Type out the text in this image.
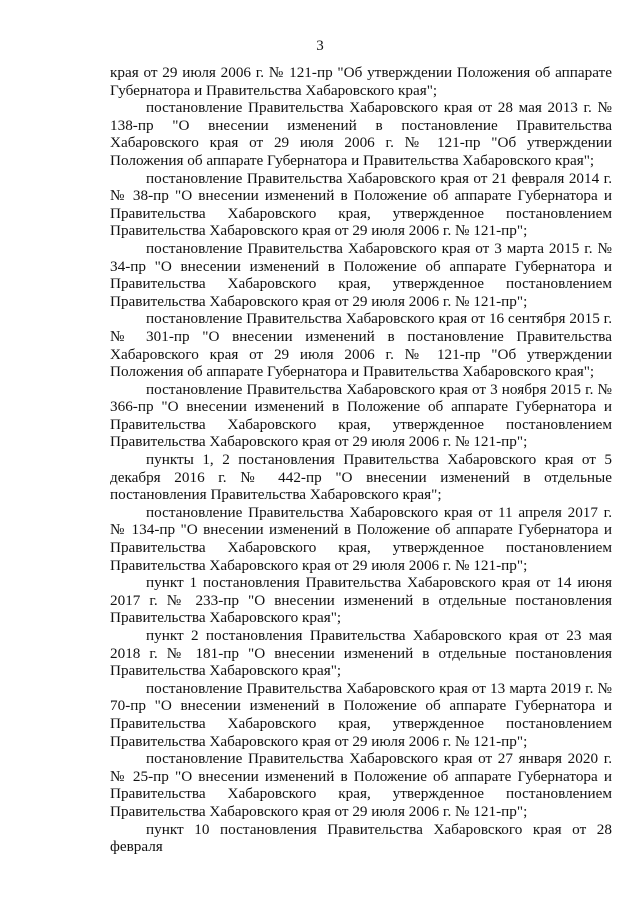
3

края от 29 июля 2006 г. № 121-пр "Об утверждении Положения об аппарате Губернатора и Правительства Хабаровского края";

постановление Правительства Хабаровского края от 28 мая 2013 г. № 138-пр "О внесении изменений в постановление Правительства Хабаровского края от 29 июля 2006 г. № 121-пр "Об утверждении Положения об аппарате Губернатора и Правительства Хабаровского края";

постановление Правительства Хабаровского края от 21 февраля 2014 г. № 38-пр "О внесении изменений в Положение об аппарате Губернатора и Правительства Хабаровского края, утвержденное постановлением Правительства Хабаровского края от 29 июля 2006 г. № 121-пр";

постановление Правительства Хабаровского края от 3 марта 2015 г. № 34-пр "О внесении изменений в Положение об аппарате Губернатора и Правительства Хабаровского края, утвержденное постановлением Правительства Хабаровского края от 29 июля 2006 г. № 121-пр";

постановление Правительства Хабаровского края от 16 сентября 2015 г. № 301-пр "О внесении изменений в постановление Правительства Хабаровского края от 29 июля 2006 г. № 121-пр "Об утверждении Положения об аппарате Губернатора и Правительства Хабаровского края";

постановление Правительства Хабаровского края от 3 ноября 2015 г. № 366-пр "О внесении изменений в Положение об аппарате Губернатора и Правительства Хабаровского края, утвержденное постановлением Правительства Хабаровского края от 29 июля 2006 г. № 121-пр";

пункты 1, 2 постановления Правительства Хабаровского края от 5 декабря 2016 г. № 442-пр "О внесении изменений в отдельные постановления Правительства Хабаровского края";

постановление Правительства Хабаровского края от 11 апреля 2017 г. № 134-пр "О внесении изменений в Положение об аппарате Губернатора и Правительства Хабаровского края, утвержденное постановлением Правительства Хабаровского края от 29 июля 2006 г. № 121-пр";

пункт 1 постановления Правительства Хабаровского края от 14 июня 2017 г. № 233-пр "О внесении изменений в отдельные постановления Правительства Хабаровского края";

пункт 2 постановления Правительства Хабаровского края от 23 мая 2018 г. № 181-пр "О внесении изменений в отдельные постановления Правительства Хабаровского края";

постановление Правительства Хабаровского края от 13 марта 2019 г. № 70-пр "О внесении изменений в Положение об аппарате Губернатора и Правительства Хабаровского края, утвержденное постановлением Правительства Хабаровского края от 29 июля 2006 г. № 121-пр";

постановление Правительства Хабаровского края от 27 января 2020 г. № 25-пр "О внесении изменений в Положение об аппарате Губернатора и Правительства Хабаровского края, утвержденное постановлением Правительства Хабаровского края от 29 июля 2006 г. № 121-пр";

пункт 10 постановления Правительства Хабаровского края от 28 февраля
